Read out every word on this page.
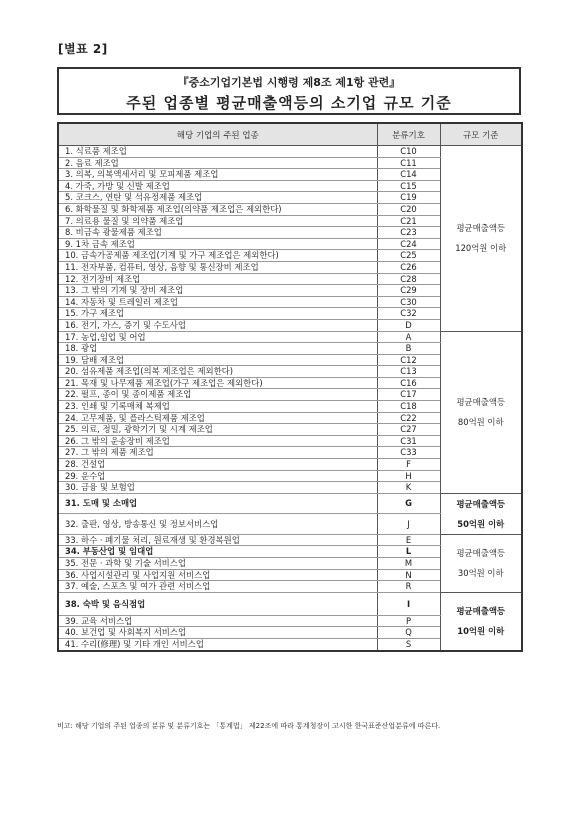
[별표 2]
『중소기업기본법 시행령 제8조 제1항 관련』
주된 업종별 평균매출액등의 소기업 규모 기준
해당 기업의 주된 업종	분류기호	규모 기준
1. 식료품 제조업	C10	평균매출액등
120억원 이하

2. 음료 제조업	C11	
3. 의복, 의복액세서리 및 모피제품 제조업	C14	
4. 가죽, 가방 및 신발 제조업	C15	
5. 코크스, 연탄 및 석유정제품 제조업	C19	
6. 화학물질 및 화학제품 제조업(의약품 제조업은 제외한다)	C20	
7. 의료용 물질 및 의약품 제조업	C21	
8. 비금속 광물제품 제조업	C23	
9. 1차 금속 제조업	C24	
10. 금속가공제품 제조업(기계 및 가구 제조업은 제외한다)	C25	
11. 전자부품, 컴퓨터, 영상, 음향 및 통신장비 제조업	C26	
12. 전기장비 제조업	C28	
13. 그 밖의 기계 및 장비 제조업	C29	
14. 자동차 및 트레일러 제조업	C30	
15. 가구 제조업	C32	
16. 전기, 가스, 증기 및 수도사업	D	
17. 농업,임업 및 어업	A	평균매출액등
80억원 이하

18. 광업	B	
19. 담배 제조업	C12	
20. 섬유제품 제조업(의복 제조업은 제외한다)	C13	
21. 목재 및 나무제품 제조업(가구 제조업은 제외한다)	C16	
22. 펄프, 종이 및 종이제품 제조업	C17	
23. 인쇄 및 기록매체 복제업	C18	
24. 고무제품, 및 플라스틱제품 제조업	C22	
25. 의료, 정밀, 광학기기 및 시계 제조업	C27	
26. 그 밖의 운송장비 제조업	C31	
27. 그 밖의 제품 제조업	C33	
28. 건설업	F	
29. 운수업	H	
30. 금융 및 보험업	K	
31. 도매 및 소매업	G	평균매출액등
50억원 이하

32. 출판, 영상, 방송통신 및 정보서비스업	J	
33. 하수 · 폐기물 처리, 원료재생 및 환경복원업	E	평균매출액등
30억원 이하

34. 부동산업 및 임대업	L	
35. 전문 · 과학 및 기술 서비스업	M	
36. 사업시설관리 및 사업지원 서비스업	N	
37. 예술, 스포츠 및 여가 관련 서비스업	R	
38. 숙박 및 음식점업	I	평균매출액등
10억원 이하

39. 교육 서비스업	P	
40. 보건업 및 사회복지 서비스업	Q	
41. 수리(修理) 및 기타 개인 서비스업	S	
비고: 해당 기업의 주된 업종의 분류 및 분류기호는 「통계법」 제22조에 따라 통계청장이 고시한 한국표준산업분류에 따른다.
